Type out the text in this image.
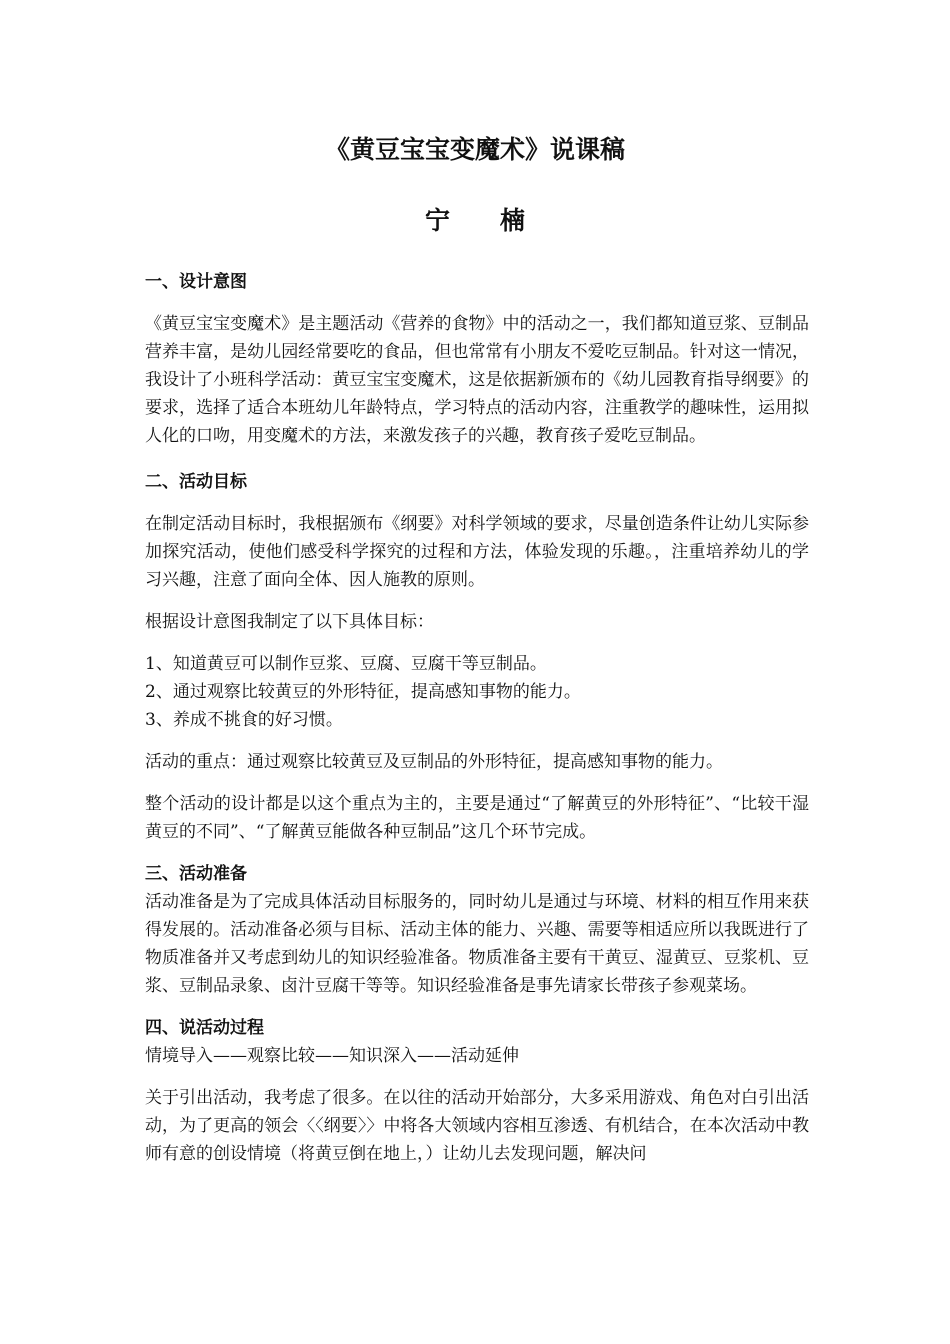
《黄豆宝宝变魔术》说课稿
宁　　楠

一、设计意图

《黄豆宝宝变魔术》是主题活动《营养的食物》中的活动之一，我们都知道豆浆、豆制品营养丰富，是幼儿园经常要吃的食品，但也常常有小朋友不爱吃豆制品。针对这一情况，我设计了小班科学活动：黄豆宝宝变魔术，这是依据新颁布的《幼儿园教育指导纲要》的要求，选择了适合本班幼儿年龄特点，学习特点的活动内容，注重教学的趣味性，运用拟人化的口吻，用变魔术的方法，来激发孩子的兴趣，教育孩子爱吃豆制品。

二、活动目标

在制定活动目标时，我根据颁布《纲要》对科学领域的要求，尽量创造条件让幼儿实际参加探究活动，使他们感受科学探究的过程和方法，体验发现的乐趣。，注重培养幼儿的学习兴趣，注意了面向全体、因人施教的原则。

根据设计意图我制定了以下具体目标：

1、知道黄豆可以制作豆浆、豆腐、豆腐干等豆制品。

2、通过观察比较黄豆的外形特征，提高感知事物的能力。

3、养成不挑食的好习惯。

活动的重点：通过观察比较黄豆及豆制品的外形特征，提高感知事物的能力。

整个活动的设计都是以这个重点为主的，主要是通过“了解黄豆的外形特征”、“比较干湿黄豆的不同”、“了解黄豆能做各种豆制品”这几个环节完成。

三、活动准备

活动准备是为了完成具体活动目标服务的，同时幼儿是通过与环境、材料的相互作用来获得发展的。活动准备必须与目标、活动主体的能力、兴趣、需要等相适应所以我既进行了物质准备并又考虑到幼儿的知识经验准备。物质准备主要有干黄豆、湿黄豆、豆浆机、豆浆、豆制品录象、卤汁豆腐干等等。知识经验准备是事先请家长带孩子参观菜场。

四、说活动过程

情境导入——观察比较——知识深入——活动延伸

关于引出活动，我考虑了很多。在以往的活动开始部分，大多采用游戏、角色对白引出活动，为了更高的领会〈〈纲要〉〉中将各大领域内容相互渗透、有机结合，在本次活动中教师有意的创设情境（将黄豆倒在地上，）让幼儿去发现问题，解决问
